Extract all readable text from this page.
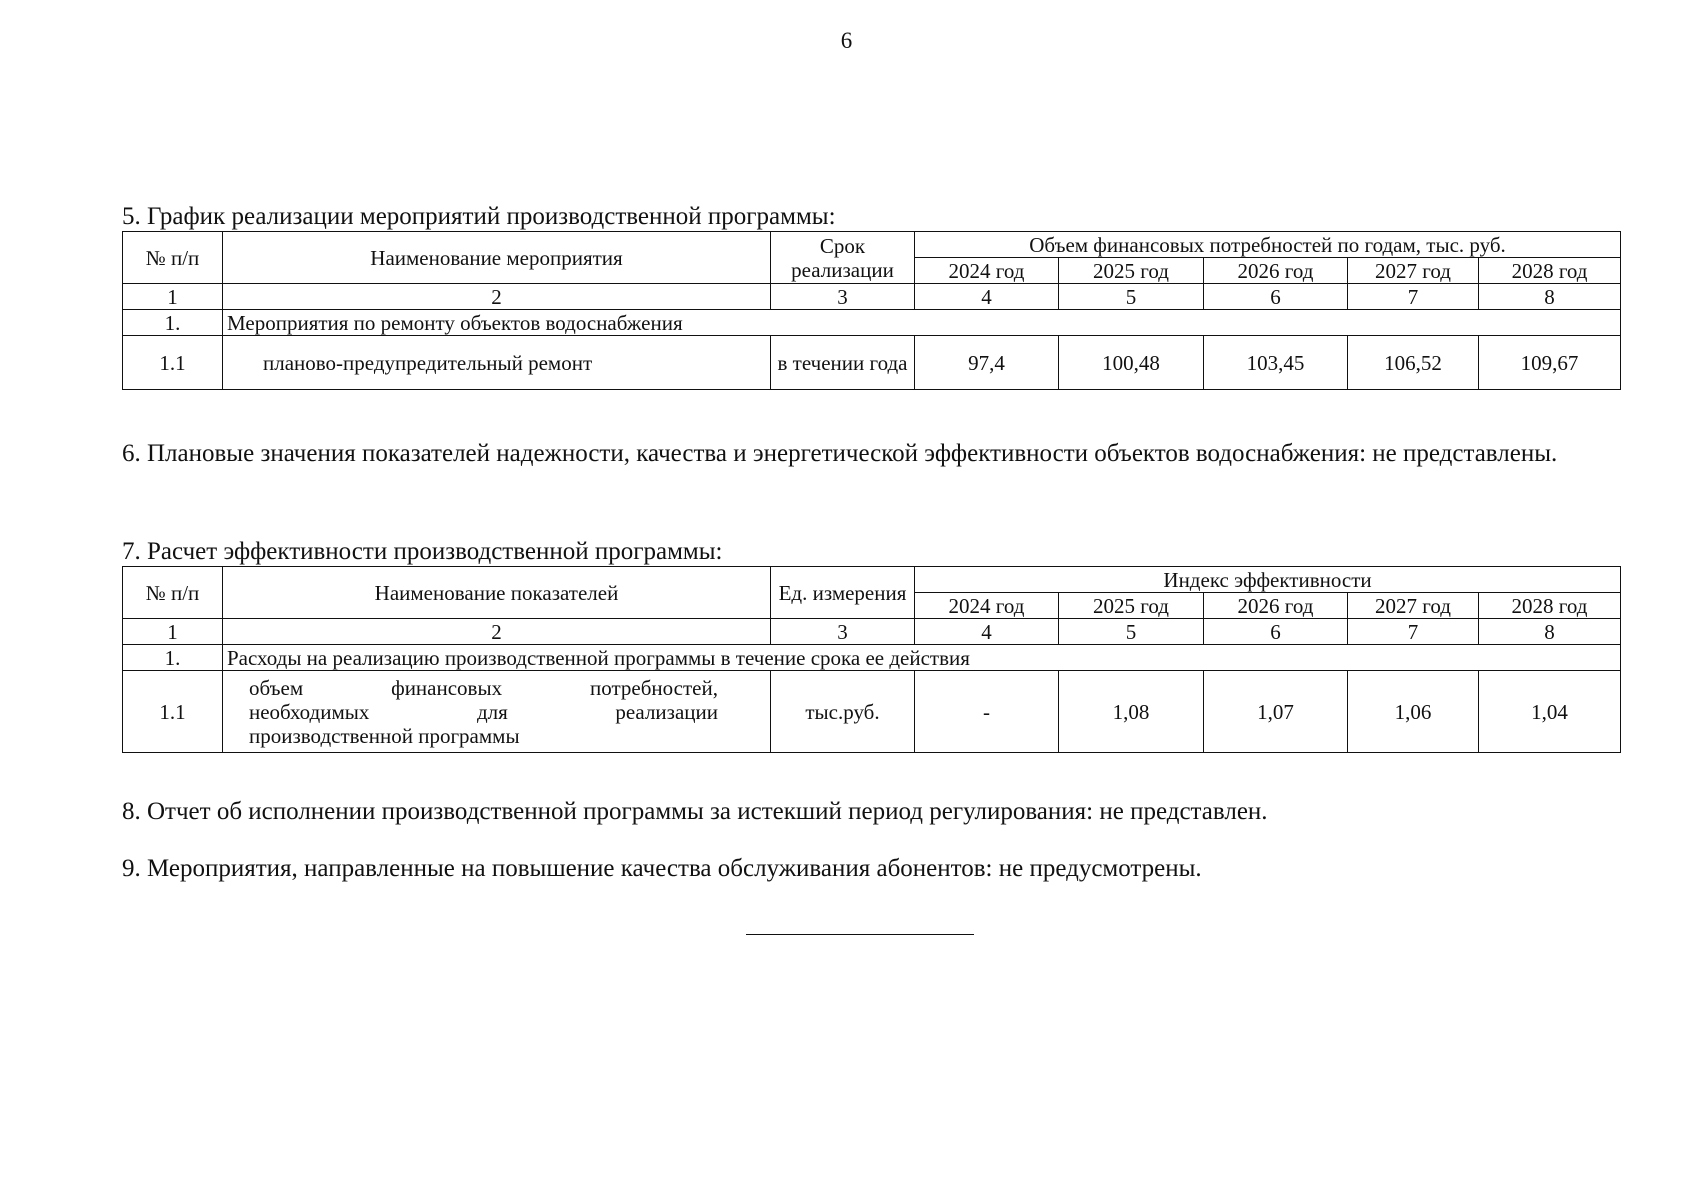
6

5. График реализации мероприятий производственной программы:

№ п/п	Наименование мероприятия	Срок реализации	Объем финансовых потребностей по годам, тыс. руб.				
			2024 год	2025 год	2026 год	2027 год	2028 год
1	2	3	4	5	6	7	8
1.	Мероприятия по ремонту объектов водоснабжения						
1.1	планово-предупредительный ремонт	в течении года	97,4	100,48	103,45	106,52	109,67

6. Плановые значения показателей надежности, качества и энергетической эффективности объектов водоснабжения: не представлены.

7. Расчет эффективности производственной программы:

№ п/п	Наименование показателей	Ед. измерения	Индекс эффективности				
			2024 год	2025 год	2026 год	2027 год	2028 год
1	2	3	4	5	6	7	8
1.	Расходы на реализацию производственной программы в течение срока ее действия						
1.1	объем финансовых потребностей,
необходимых для реализации
производственной программы	тыс.руб.	-	1,08	1,07	1,06	1,04

8. Отчет об исполнении производственной программы за истекший период регулирования: не представлен.

9. Мероприятия, направленные на повышение качества обслуживания абонентов: не предусмотрены.
